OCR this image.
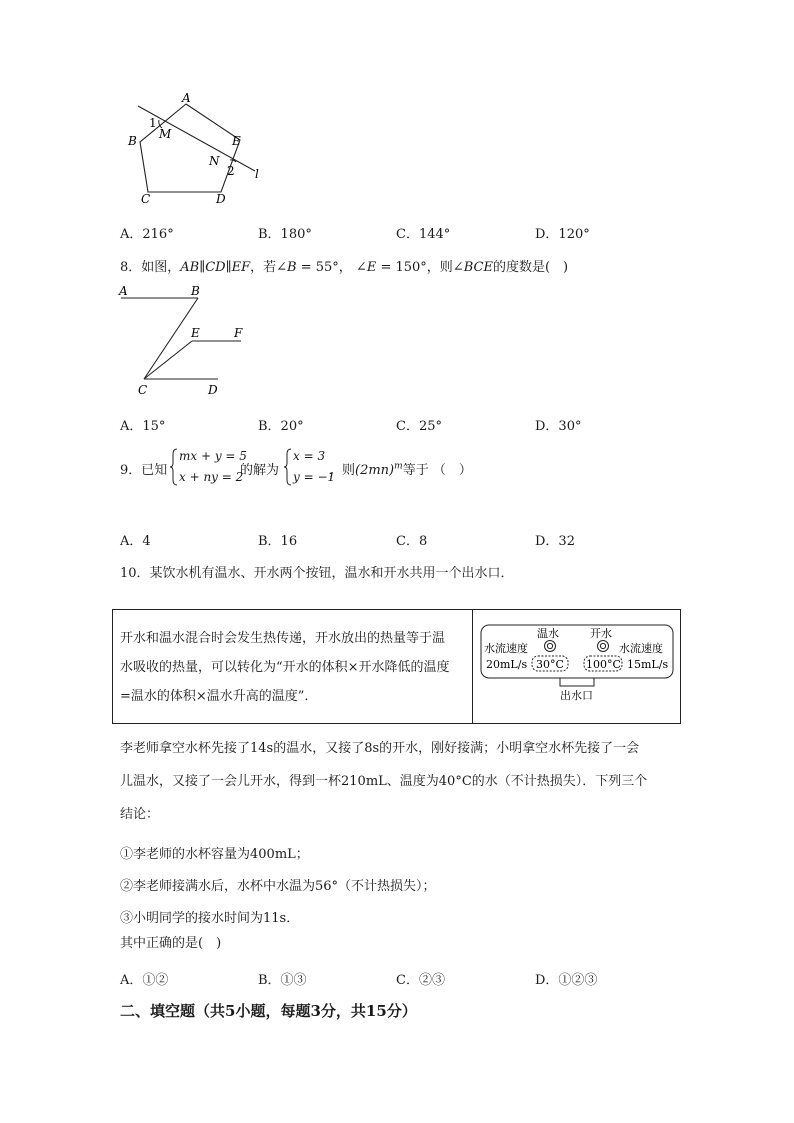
A
B
C	D
E
M
N
1
2 l
A．216°	B．180°	C．144°	D．120°
8．如图，AB∥CD∥EF，若∠B = 55°， ∠E = 150°，则∠BCE的度数是(　)
A	B
E	F
C	D
A．15°	B．20°	C．25°	D．30°
9．已知
mx + y = 5
x + ny = 2
的解为
x = 3
y = −1
，则$(2mn)^m$等于 （　）
A．4	B．16	C．8	D．32
10．某饮水机有温水、开水两个按钮，温水和开水共用一个出水口．
开水和温水混合时会发生热传递，开水放出的热量等于温
水吸收的热量，可以转化为“开水的体积×开水降低的温度
=温水的体积×温水升高的温度”．
温水	开水
水流速度
20mL/s
水流速度
15mL/s
30°C 100°C
出水口
李老师拿空水杯先接了14s的温水，又接了8s的开水，刚好接满；小明拿空水杯先接了一会
儿温水，又接了一会儿开水，得到一杯210mL、温度为40°C的水（不计热损失）．下列三个
结论：
①李老师的水杯容量为400mL；
②李老师接满水后，水杯中水温为56°（不计热损失）；
③小明同学的接水时间为11s．
其中正确的是(　)
A．①②	B．①③	C．②③	D．①②③
二、填空题（共5小题，每题3分，共15分）
